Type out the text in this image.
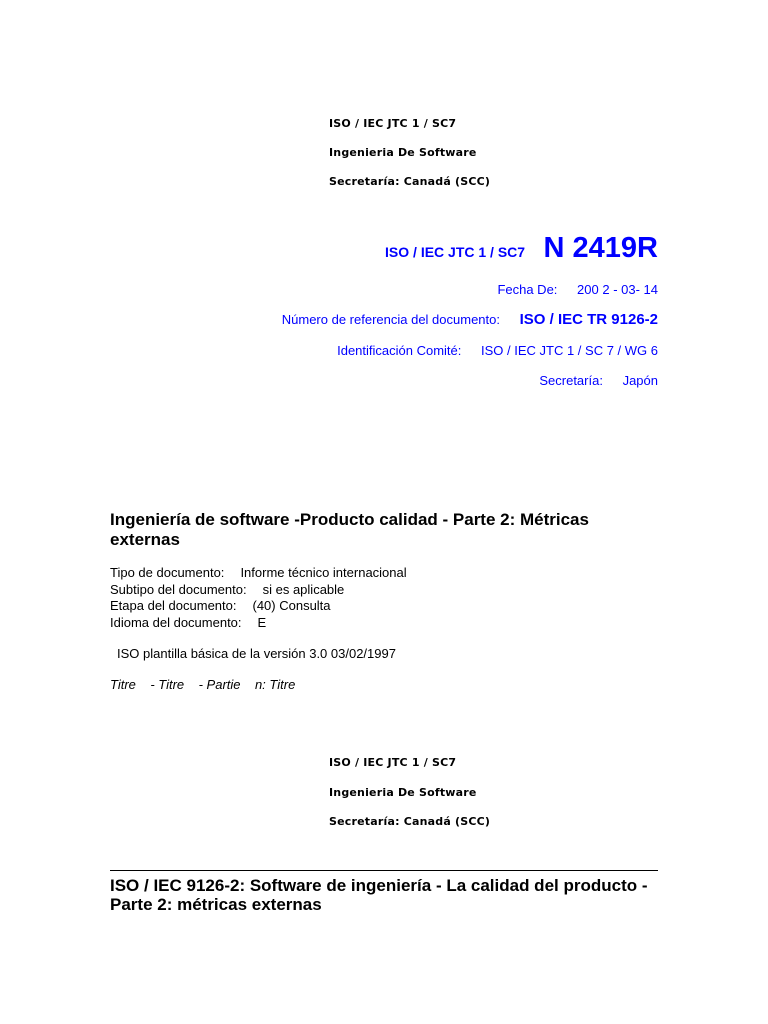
ISO / IEC JTC 1 / SC7
Ingenieria De Software
Secretaría: Canadá (SCC)
ISO / IEC JTC 1 / SC7 N 2419R
Fecha De: 200 2 - 03- 14
Número de referencia del documento: ISO / IEC TR 9126-2
Identificación Comité: ISO / IEC JTC 1 / SC 7 / WG 6
Secretaría: Japón
Ingeniería de software -Producto calidad - Parte 2: Métricas externas
Tipo de documento: Informe técnico internacional
Subtipo del documento: si es aplicable
Etapa del documento: (40) Consulta
Idioma del documento: E
ISO plantilla básica de la versión 3.0 03/02/1997
Titre    - Titre    - Partie    n: Titre
ISO / IEC JTC 1 / SC7
Ingenieria De Software
Secretaría: Canadá (SCC)
ISO / IEC 9126-2: Software de ingeniería - La calidad del producto -
Parte 2: métricas externas
